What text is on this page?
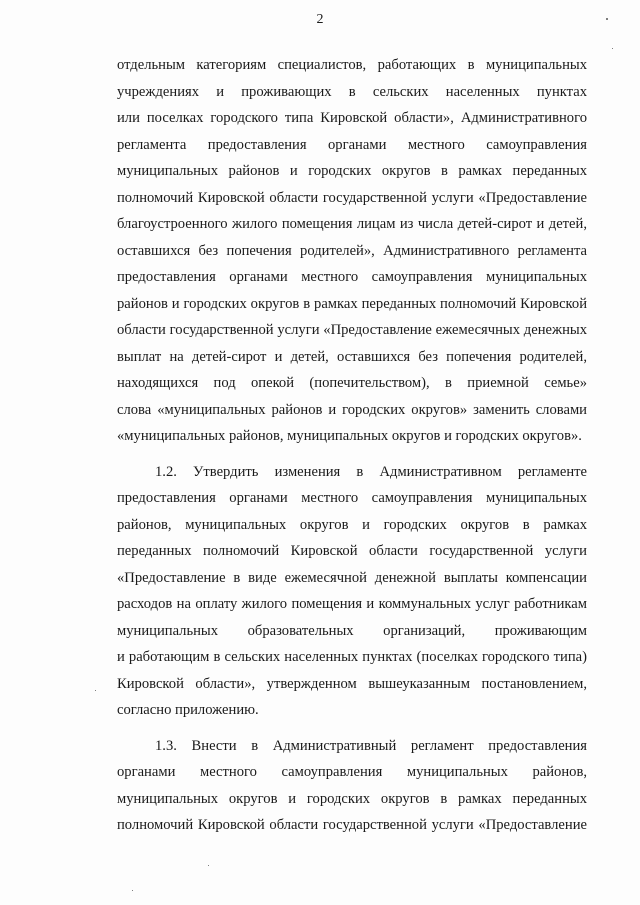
2
отдельным категориям специалистов, работающих в муниципальных
учреждениях и проживающих в сельских населенных пунктах
или поселках городского типа Кировской области», Административного
регламента предоставления органами местного самоуправления
муниципальных районов и городских округов в рамках переданных
полномочий Кировской области государственной услуги «Предоставление
благоустроенного жилого помещения лицам из числа детей-сирот и детей,
оставшихся без попечения родителей», Административного регламента
предоставления органами местного самоуправления муниципальных
районов и городских округов в рамках переданных полномочий Кировской
области государственной услуги «Предоставление ежемесячных денежных
выплат на детей-сирот и детей, оставшихся без попечения родителей,
находящихся под опекой (попечительством), в приемной семье»
слова «муниципальных районов и городских округов» заменить словами
«муниципальных районов, муниципальных округов и городских округов».
1.2. Утвердить изменения в Административном регламенте
предоставления органами местного самоуправления муниципальных
районов, муниципальных округов и городских округов в рамках
переданных полномочий Кировской области государственной услуги
«Предоставление в виде ежемесячной денежной выплаты компенсации
расходов на оплату жилого помещения и коммунальных услуг работникам
муниципальных образовательных организаций, проживающим
и работающим в сельских населенных пунктах (поселках городского типа)
Кировской области», утвержденном вышеуказанным постановлением,
согласно приложению.
1.3. Внести в Административный регламент предоставления
органами местного самоуправления муниципальных районов,
муниципальных округов и городских округов в рамках переданных
полномочий Кировской области государственной услуги «Предоставление
